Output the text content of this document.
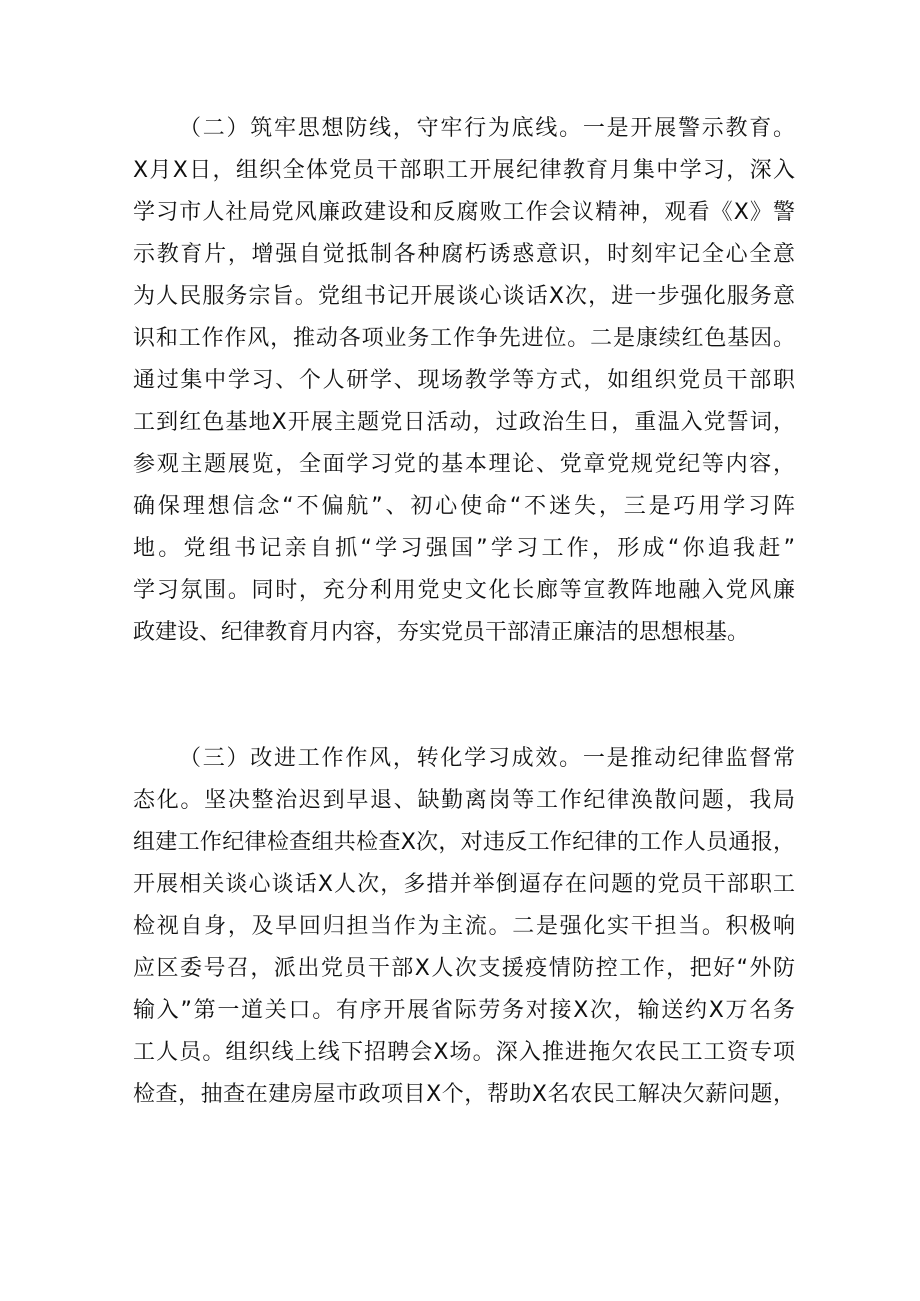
（二）筑牢思想防线，守牢行为底线。一是开展警示教育。
X月X日，组织全体党员干部职工开展纪律教育月集中学习，深入
学习市人社局党风廉政建设和反腐败工作会议精神，观看《X》警
示教育片，增强自觉抵制各种腐朽诱惑意识，时刻牢记全心全意
为人民服务宗旨。党组书记开展谈心谈话X次，进一步强化服务意
识和工作作风，推动各项业务工作争先进位。二是康续红色基因。
通过集中学习、个人研学、现场教学等方式，如组织党员干部职
工到红色基地X开展主题党日活动，过政治生日，重温入党誓词，
参观主题展览，全面学习党的基本理论、党章党规党纪等内容，
确保理想信念“不偏航”、初心使命“不迷失，三是巧用学习阵
地。党组书记亲自抓“学习强国”学习工作，形成“你追我赶”
学习氛围。同时，充分利用党史文化长廊等宣教阵地融入党风廉
政建设、纪律教育月内容，夯实党员干部清正廉洁的思想根基。
（三）改进工作作风，转化学习成效。一是推动纪律监督常
态化。坚决整治迟到早退、缺勤离岗等工作纪律涣散问题，我局
组建工作纪律检查组共检查X次，对违反工作纪律的工作人员通报，
开展相关谈心谈话X人次，多措并举倒逼存在问题的党员干部职工
检视自身，及早回归担当作为主流。二是强化实干担当。积极响
应区委号召，派出党员干部X人次支援疫情防控工作，把好“外防
输入”第一道关口。有序开展省际劳务对接X次，输送约X万名务
工人员。组织线上线下招聘会X场。深入推进拖欠农民工工资专项
检查，抽查在建房屋市政项目X个，帮助X名农民工解决欠薪问题，
